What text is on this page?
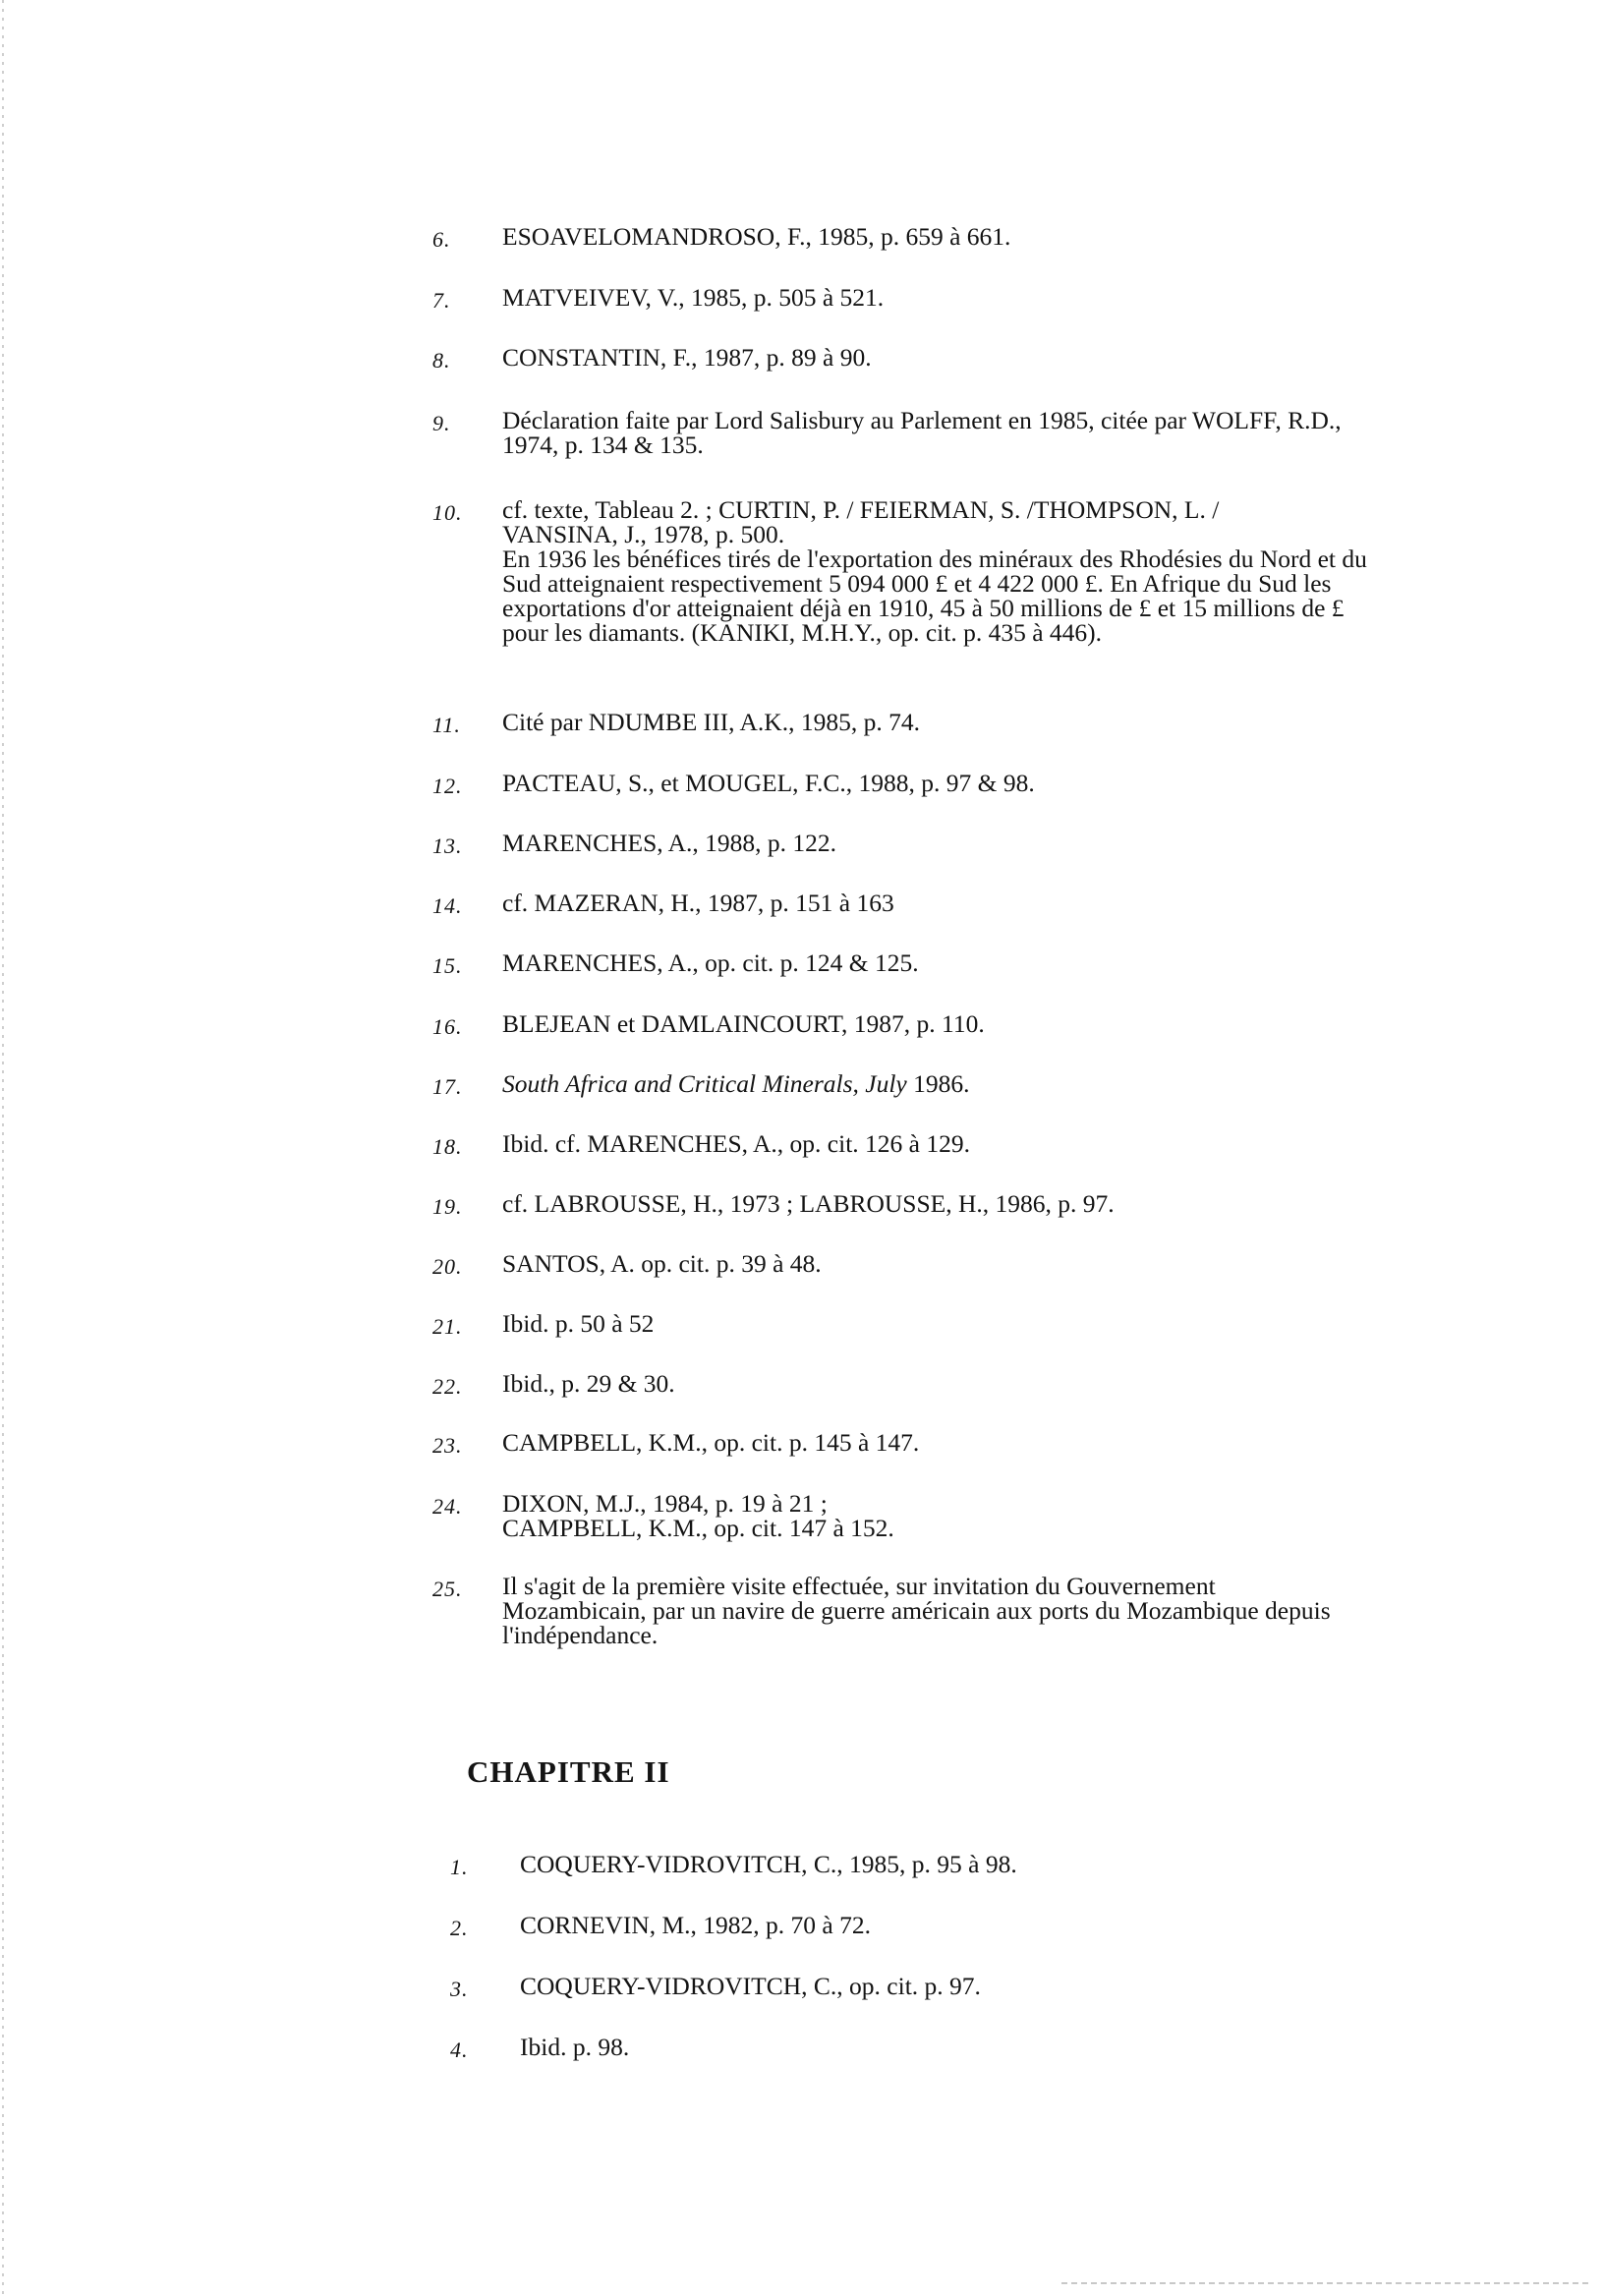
6.	ESOAVELOMANDROSO, F., 1985, p. 659 à 661.
7.	MATVEIVEV, V., 1985, p. 505 à 521.
8.	CONSTANTIN, F., 1987, p. 89 à 90.
9.	Déclaration faite par Lord Salisbury au Parlement en 1985, citée par WOLFF, R.D.,
1974, p. 134 & 135.
10.	cf. texte, Tableau 2. ; CURTIN, P. / FEIERMAN, S. /THOMPSON, L. /
VANSINA, J., 1978, p. 500.
En 1936 les bénéfices tirés de l'exportation des minéraux des Rhodésies du Nord et du
Sud atteignaient respectivement 5 094 000 £ et 4 422 000 £. En Afrique du Sud les
exportations d'or atteignaient déjà en 1910, 45 à 50 millions de £ et 15 millions de £
pour les diamants. (KANIKI, M.H.Y., op. cit. p. 435 à 446).
11.	Cité par NDUMBE III, A.K., 1985, p. 74.
12.	PACTEAU, S., et MOUGEL, F.C., 1988, p. 97 & 98.
13.	MARENCHES, A., 1988, p. 122.
14.	cf. MAZERAN, H., 1987, p. 151 à 163
15.	MARENCHES, A., op. cit. p. 124 & 125.
16.	BLEJEAN et DAMLAINCOURT, 1987, p. 110.
17.	South Africa and Critical Minerals, July 1986.
18.	Ibid. cf. MARENCHES, A., op. cit. 126 à 129.
19.	cf. LABROUSSE, H., 1973 ; LABROUSSE, H., 1986, p. 97.
20.	SANTOS, A. op. cit. p. 39 à 48.
21.	Ibid. p. 50 à 52
22.	Ibid., p. 29 & 30.
23.	CAMPBELL, K.M., op. cit. p. 145 à 147.
24.	DIXON, M.J., 1984, p. 19 à 21 ;
CAMPBELL, K.M., op. cit. 147 à 152.
25.	Il s'agit de la première visite effectuée, sur invitation du Gouvernement
Mozambicain, par un navire de guerre américain aux ports du Mozambique depuis
l'indépendance.
CHAPITRE II
1.	COQUERY-VIDROVITCH, C., 1985, p. 95 à 98.
2.	CORNEVIN, M., 1982, p. 70 à 72.
3.	COQUERY-VIDROVITCH, C., op. cit. p. 97.
4.	Ibid. p. 98.
